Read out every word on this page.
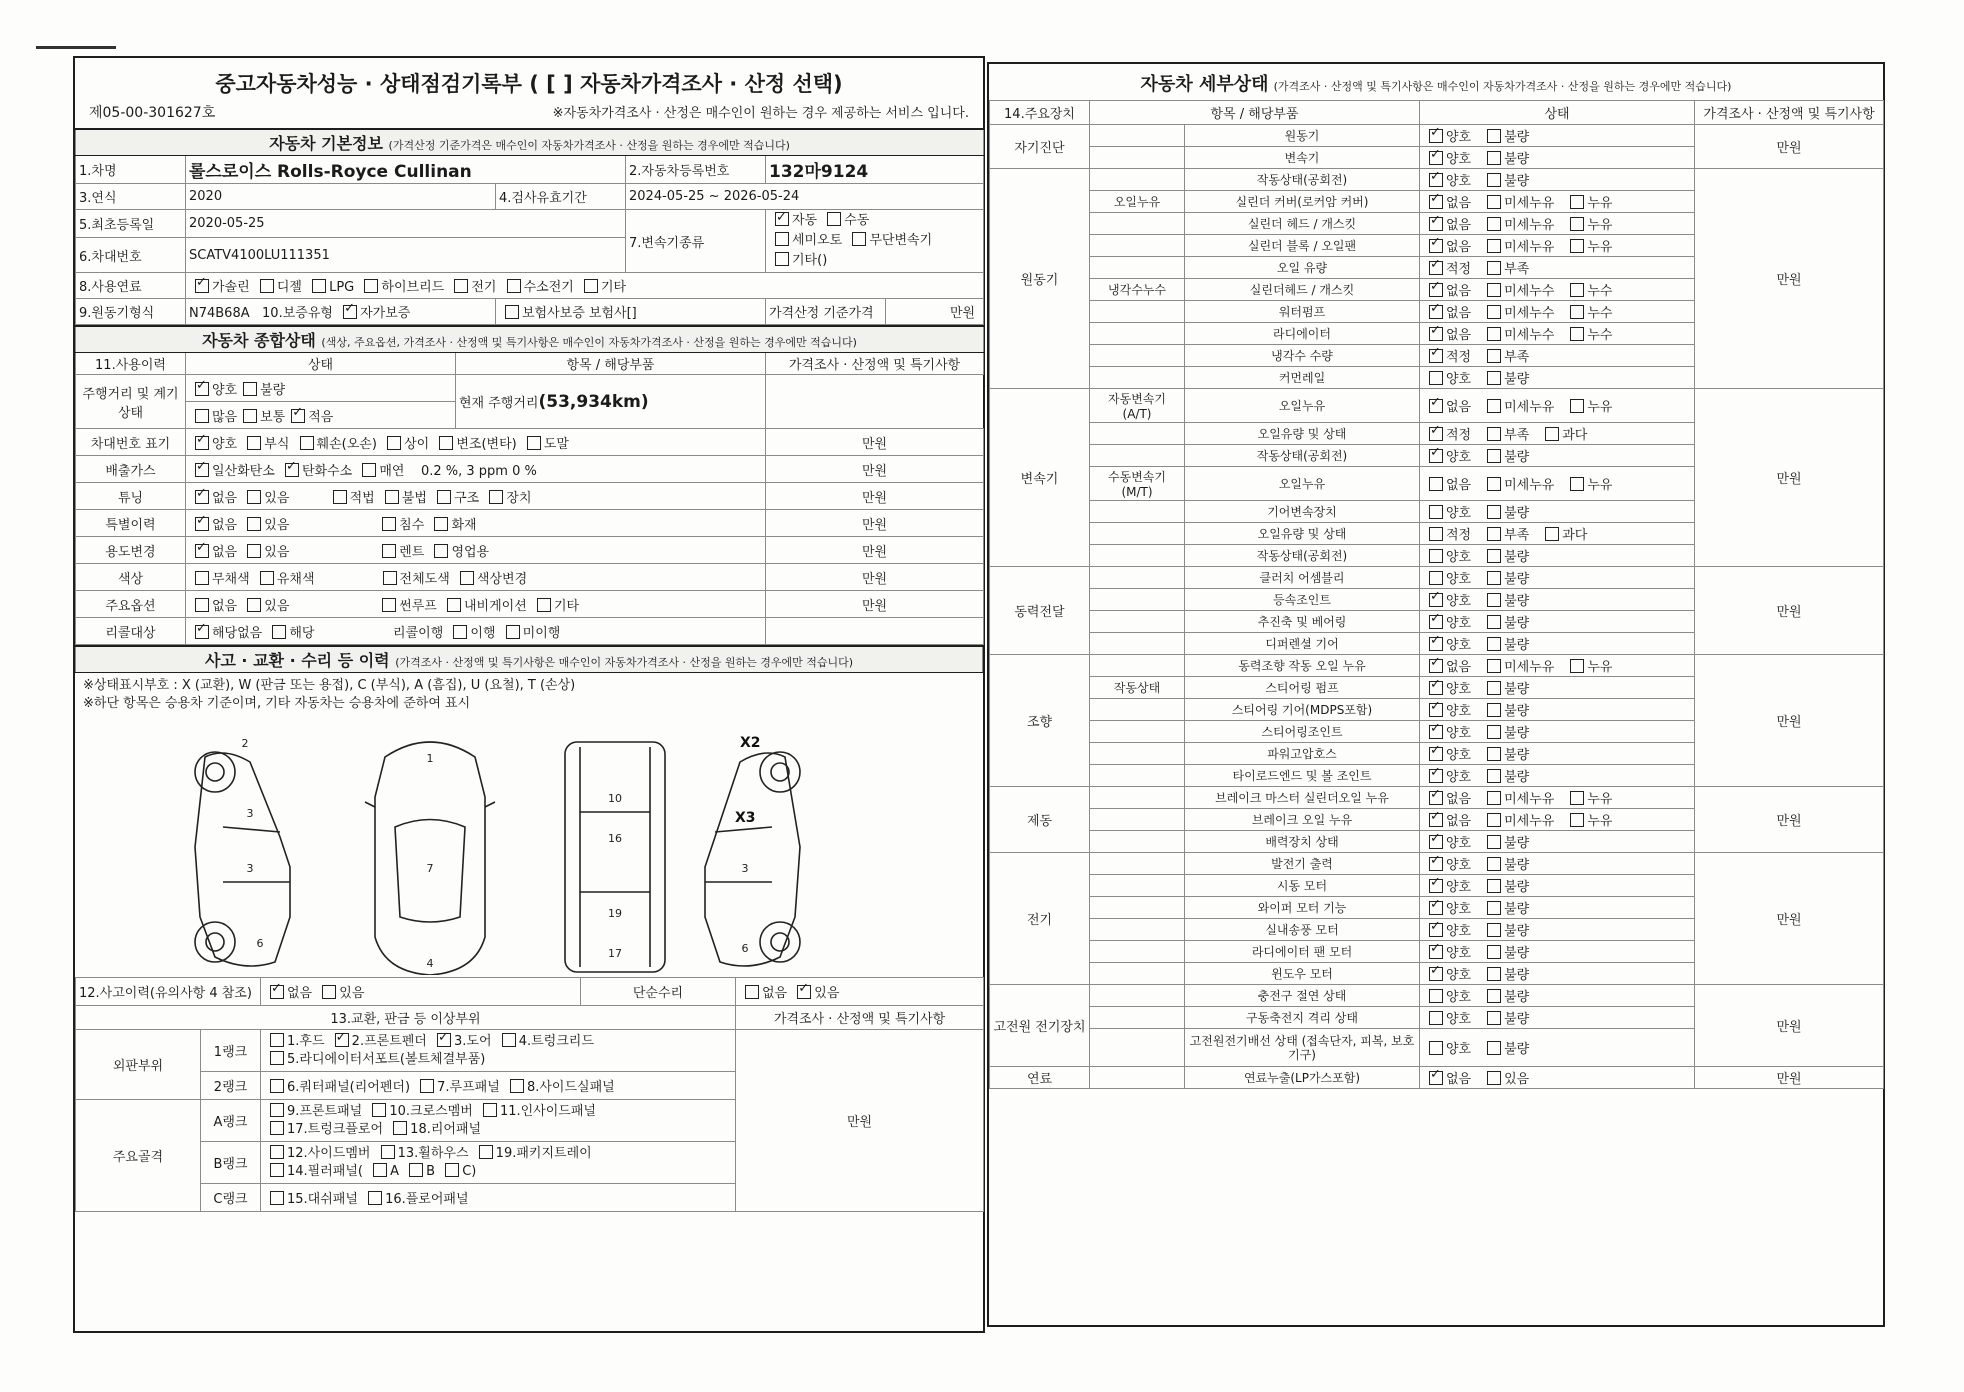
중고자동차성능 · 상태점검기록부 ( [ ] 자동차가격조사 · 산정 선택)
제05-00-301627호	※자동차가격조사 · 산정은 매수인이 원하는 경우 제공하는 서비스 입니다.
자동차 기본정보 (가격산정 기준가격은 매수인이 자동차가격조사 · 산정을 원하는 경우에만 적습니다)					
1.차명	롤스로이스 Rolls-Royce Cullinan		2.자동차등록번호	132마9124	
3.연식	2020	4.검사유효기간	2024-05-25 ~ 2026-05-24		
5.최초등록일	2020-05-25		7.변속기종류	✓자동 수동
세미오토 무단변속기
기타()
6.차대번호	SCATV4100LU111351				
8.사용연료	✓가솔린 디젤 LPG 하이브리드 전기 수소전기 기타
9.원동기형식	N74B68A 10.보증유형 ✓ 자가보증	보험사보증 보험사[]		가격산정 기준가격	만원
자동차 종합상태 (색상, 주요옵션, 가격조사 · 산정액 및 특기사항은 매수인이 자동차가격조사 · 산정을 원하는 경우에만 적습니다)			
11.사용이력	상태	항목 / 해당부품	가격조사 · 산정액 및 특기사항
주행거리 및 계기상태	✓양호 불량	현재 주행거리(53,934km)
	많음 보통 ✓ 적음
차대번호 표기	✓양호 부식 훼손(오손) 상이 변조(변타) 도말		만원
배출가스	✓일산화탄소 ✓ 탄화수소 매연 0.2 %, 3 ppm 0 %		만원
튜닝	✓없음 있음 적법 불법 구조 장치		만원
특별이력	✓없음 있음 침수 화재		만원
용도변경	✓없음 있음 렌트 영업용		만원
색상	무채색 유채색 전체도색 색상변경		만원
주요옵션	없음 있음 썬루프 내비게이션 기타		만원
리콜대상	✓해당없음 해당 리콜이행 이행 미이행	
사고 · 교환 · 수리 등 이력 (가격조사 · 산정액 및 특기사항은 매수인이 자동차가격조사 · 산정을 원하는 경우에만 적습니다)
※상태표시부호 : X (교환), W (판금 또는 용접), C (부식), A (흠집), U (요철), T (손상)
※하단 항목은 승용차 기준이며, 기타 자동차는 승용차에 준하여 표시
2
3
3
6
1
7
4
10
16
19
17	6
3
X2
X3
12.사고이력(유의사항 4 참조)	✓없음 있음	단순수리	없음 ✓ 있음
13.교환, 판금 등 이상부위				가격조사 · 산정액 및 특기사항
외판부위	1랭크	1.후드 ✓ 2.프론트펜더 ✓ 3.도어 4.트렁크리드
5.라디에이터서포트(볼트체결부품)		만원
	2랭크	6.쿼터패널(리어펜더) 7.루프패널 8.사이드실패널		
주요골격	A랭크	9.프론트패널 10.크로스멤버 11.인사이드패널
17.트렁크플로어 18.리어패널		
	B랭크	12.사이드멤버 13.휠하우스 19.패키지트레이
14.필러패널( A B C)		
	C랭크	15.대쉬패널 16.플로어패널		
자동차 세부상태 (가격조사 · 산정액 및 특기사항은 매수인이 자동차가격조사 · 산정을 원하는 경우에만 적습니다)
14.주요장치	항목 / 해당부품		상태	가격조사 · 산정액 및 특기사항
자기진단		원동기	✓양호 불량	만원
		변속기	✓양호 불량
원동기		작동상태(공회전)	✓양호 불량	만원
	오일누유	실린더 커버(로커암 커버)	✓없음 미세누유 누유
		실린더 헤드 / 개스킷	✓없음 미세누유 누유
		실린더 블록 / 오일팬	✓없음 미세누유 누유
		오일 유량	✓적정 부족
	냉각수누수	실린더헤드 / 개스킷	✓없음 미세누수 누수
		워터펌프	✓없음 미세누수 누수
		라디에이터	✓없음 미세누수 누수
		냉각수 수량	✓적정 부족
		커먼레일	양호 불량	
변속기	자동변속기 (A/T)	오일누유	✓없음 미세누유 누유	만원
		오일유량 및 상태	✓적정 부족 과다
		작동상태(공회전)	✓양호 불량
	수동변속기 (M/T)	오일누유	없음 미세누유 누유	
		기어변속장치	양호 불량	
		오일유량 및 상태	적정 부족 과다	
		작동상태(공회전)	양호 불량	
동력전달		클러치 어셈블리	양호 불량	만원
		등속조인트	✓양호 불량
		추진축 및 베어링	✓양호 불량
		디퍼렌셜 기어	✓양호 불량
조향		동력조향 작동 오일 누유	✓없음 미세누유 누유	만원
	작동상태	스티어링 펌프	✓양호 불량
		스티어링 기어(MDPS포함)	✓양호 불량
		스티어링조인트	✓양호 불량
		파워고압호스	✓양호 불량
		타이로드엔드 및 볼 조인트	✓양호 불량
제동		브레이크 마스터 실린더오일 누유	✓없음 미세누유 누유	만원
		브레이크 오일 누유	✓없음 미세누유 누유
		배력장치 상태	✓양호 불량
전기		발전기 출력	✓양호 불량	만원
		시동 모터	✓양호 불량
		와이퍼 모터 기능	✓양호 불량
		실내송풍 모터	✓양호 불량
		라디에이터 팬 모터	✓양호 불량
		윈도우 모터	✓양호 불량
고전원 전기장치		충전구 절연 상태	양호 불량	만원
		구동축전지 격리 상태	양호 불량	
		고전원전기배선 상태 (접속단자, 피복, 보호기구)	양호 불량	
연료		연료누출(LP가스포함)	✓없음 있음	만원
